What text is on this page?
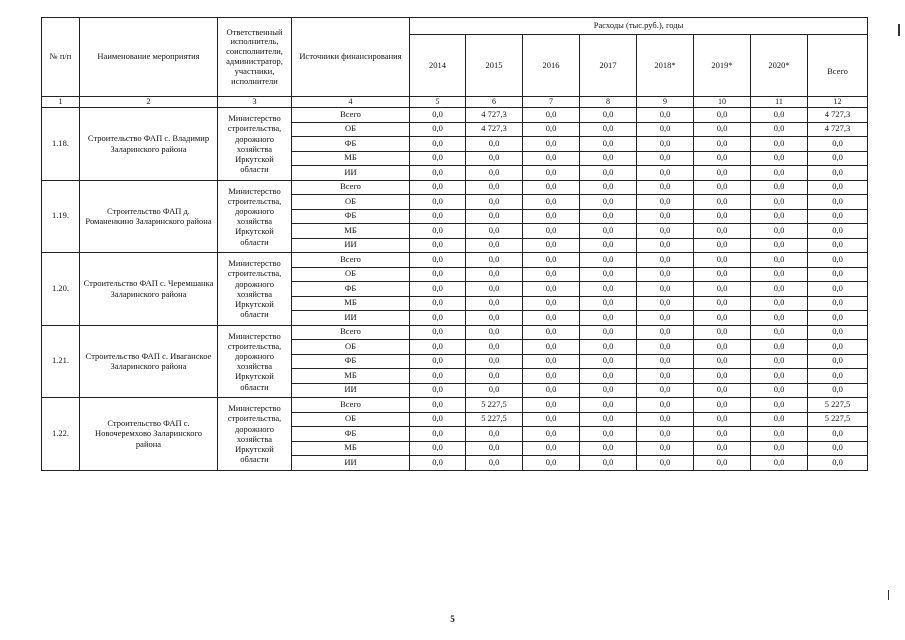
№ п/п	Наименование мероприятия	Ответственный исполнитель, соисполнители, администратор, участники, исполнители	Источники финансирования	Расходы (тыс.руб.), годы							
				2014	2015	2016	2017	2018*	2019*	2020*	Всего
1	2	3	4	5	6	7	8	9	10	11	12
1.18.	Строительство ФАП с. Владимир Заларинского района	Министерство строительства, дорожного хозяйства Иркутской области	Всего	0,0	4 727,3	0,0	0,0	0,0	0,0	0,0	4 727,3
			ОБ	0,0	4 727,3	0,0	0,0	0,0	0,0	0,0	4 727,3
			ФБ	0,0	0,0	0,0	0,0	0,0	0,0	0,0	0,0
			МБ	0,0	0,0	0,0	0,0	0,0	0,0	0,0	0,0
			ИИ	0,0	0,0	0,0	0,0	0,0	0,0	0,0	0,0
1.19.	Строительство ФАП д. Романенкино Заларинского района	Министерство строительства, дорожного хозяйства Иркутской области	Всего	0,0	0,0	0,0	0,0	0,0	0,0	0,0	0,0
			ОБ	0,0	0,0	0,0	0,0	0,0	0,0	0,0	0,0
			ФБ	0,0	0,0	0,0	0,0	0,0	0,0	0,0	0,0
			МБ	0,0	0,0	0,0	0,0	0,0	0,0	0,0	0,0
			ИИ	0,0	0,0	0,0	0,0	0,0	0,0	0,0	0,0
1.20.	Строительство ФАП с. Черемшанка Заларинского района	Министерство строительства, дорожного хозяйства Иркутской области	Всего	0,0	0,0	0,0	0,0	0,0	0,0	0,0	0,0
			ОБ	0,0	0,0	0,0	0,0	0,0	0,0	0,0	0,0
			ФБ	0,0	0,0	0,0	0,0	0,0	0,0	0,0	0,0
			МБ	0,0	0,0	0,0	0,0	0,0	0,0	0,0	0,0
			ИИ	0,0	0,0	0,0	0,0	0,0	0,0	0,0	0,0
1.21.	Строительство ФАП с. Иваганское Заларинского района	Министерство строительства, дорожного хозяйства Иркутской области	Всего	0,0	0,0	0,0	0,0	0,0	0,0	0,0	0,0
			ОБ	0,0	0,0	0,0	0,0	0,0	0,0	0,0	0,0
			ФБ	0,0	0,0	0,0	0,0	0,0	0,0	0,0	0,0
			МБ	0,0	0,0	0,0	0,0	0,0	0,0	0,0	0,0
			ИИ	0,0	0,0	0,0	0,0	0,0	0,0	0,0	0,0
1.22.	Строительство ФАП с. Новочеремхово Заларинского района	Министерство строительства, дорожного хозяйства Иркутской области	Всего	0,0	5 227,5	0,0	0,0	0,0	0,0	0,0	5 227,5
			ОБ	0,0	5 227,5	0,0	0,0	0,0	0,0	0,0	5 227,5
			ФБ	0,0	0,0	0,0	0,0	0,0	0,0	0,0	0,0
			МБ	0,0	0,0	0,0	0,0	0,0	0,0	0,0	0,0
			ИИ	0,0	0,0	0,0	0,0	0,0	0,0	0,0	0,0
5
